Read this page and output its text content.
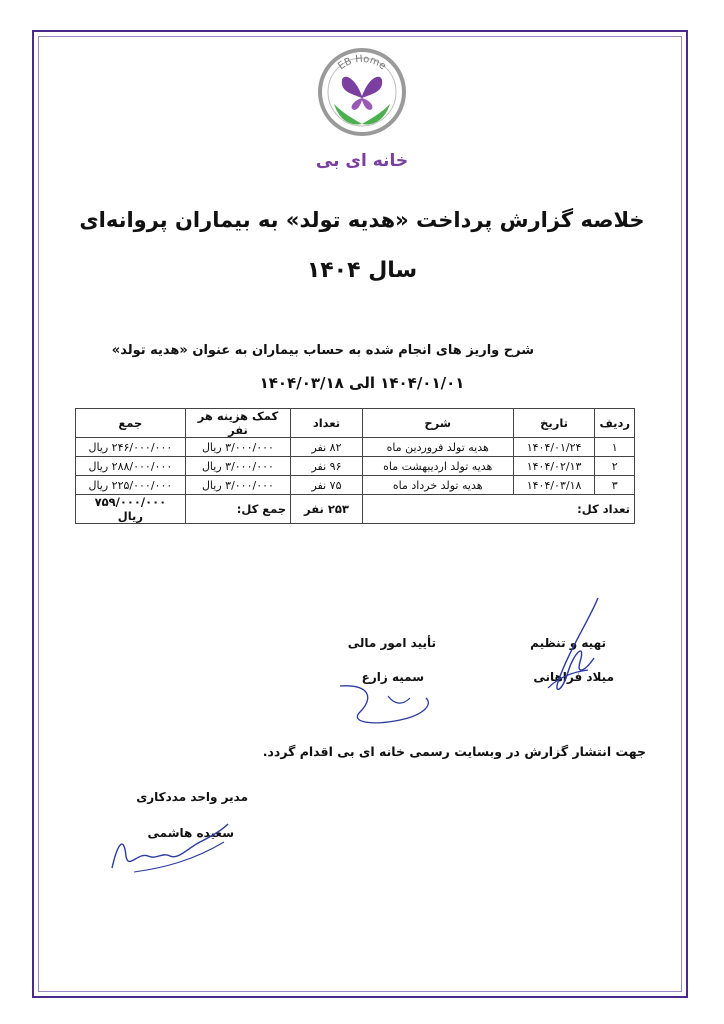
EB Home
خانه ای بی
خلاصه گزارش پرداخت «هدیه تولد» به بیماران پروانه‌ای
سال ۱۴۰۴
شرح واریز های انجام شده به حساب بیماران به عنوان «هدیه تولد»
۱۴۰۴/۰۱/۰۱ الی ۱۴۰۴/۰۳/۱۸
ردیف	تاریخ	شرح	تعداد	کمک هزینه هر نفر	جمع
۱	۱۴۰۴/۰۱/۲۴	هدیه تولد فروردین ماه	۸۲ نفر	۳/۰۰۰/۰۰۰ ریال	۲۴۶/۰۰۰/۰۰۰ ریال
۲	۱۴۰۴/۰۲/۱۳	هدیه تولد اردیبهشت ماه	۹۶ نفر	۳/۰۰۰/۰۰۰ ریال	۲۸۸/۰۰۰/۰۰۰ ریال
۳	۱۴۰۴/۰۳/۱۸	هدیه تولد خرداد ماه	۷۵ نفر	۳/۰۰۰/۰۰۰ ریال	۲۲۵/۰۰۰/۰۰۰ ریال
تعداد کل:			۲۵۳ نفر	جمع کل:	۷۵۹/۰۰۰/۰۰۰ ریال
تهیه و تنظیم
میلاد فراهانی
تأیید امور مالی
سمیه زارع
جهت انتشار گزارش در وبسایت رسمی خانه ای بی اقدام گردد.
مدیر واحد مددکاری
سعیده هاشمی
